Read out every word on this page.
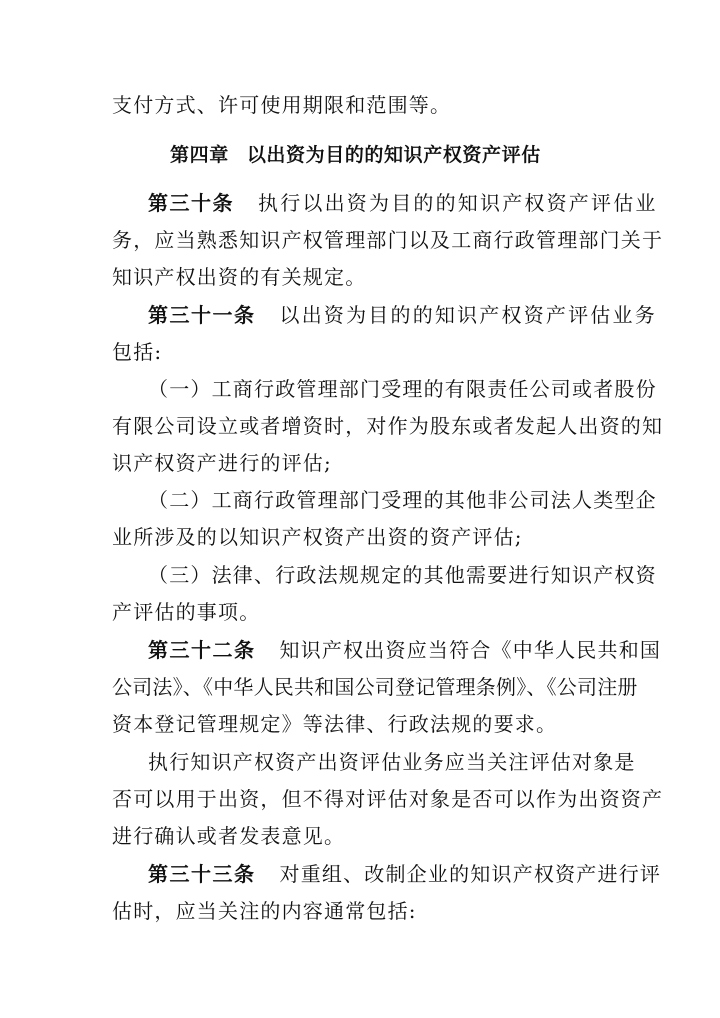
支付方式、许可使用期限和范围等。
第四章 以出资为目的的知识产权资产评估
第三十条 执行以出资为目的的知识产权资产评估业
务，应当熟悉知识产权管理部门以及工商行政管理部门关于
知识产权出资的有关规定。
第三十一条 以出资为目的的知识产权资产评估业务
包括:
（一）工商行政管理部门受理的有限责任公司或者股份
有限公司设立或者增资时，对作为股东或者发起人出资的知
识产权资产进行的评估;
（二）工商行政管理部门受理的其他非公司法人类型企
业所涉及的以知识产权资产出资的资产评估;
（三）法律、行政法规规定的其他需要进行知识产权资
产评估的事项。
第三十二条 知识产权出资应当符合《中华人民共和国
公司法》、《中华人民共和国公司登记管理条例》、《公司注册
资本登记管理规定》等法律、行政法规的要求。
执行知识产权资产出资评估业务应当关注评估对象是
否可以用于出资，但不得对评估对象是否可以作为出资资产
进行确认或者发表意见。
第三十三条 对重组、改制企业的知识产权资产进行评
估时，应当关注的内容通常包括:
